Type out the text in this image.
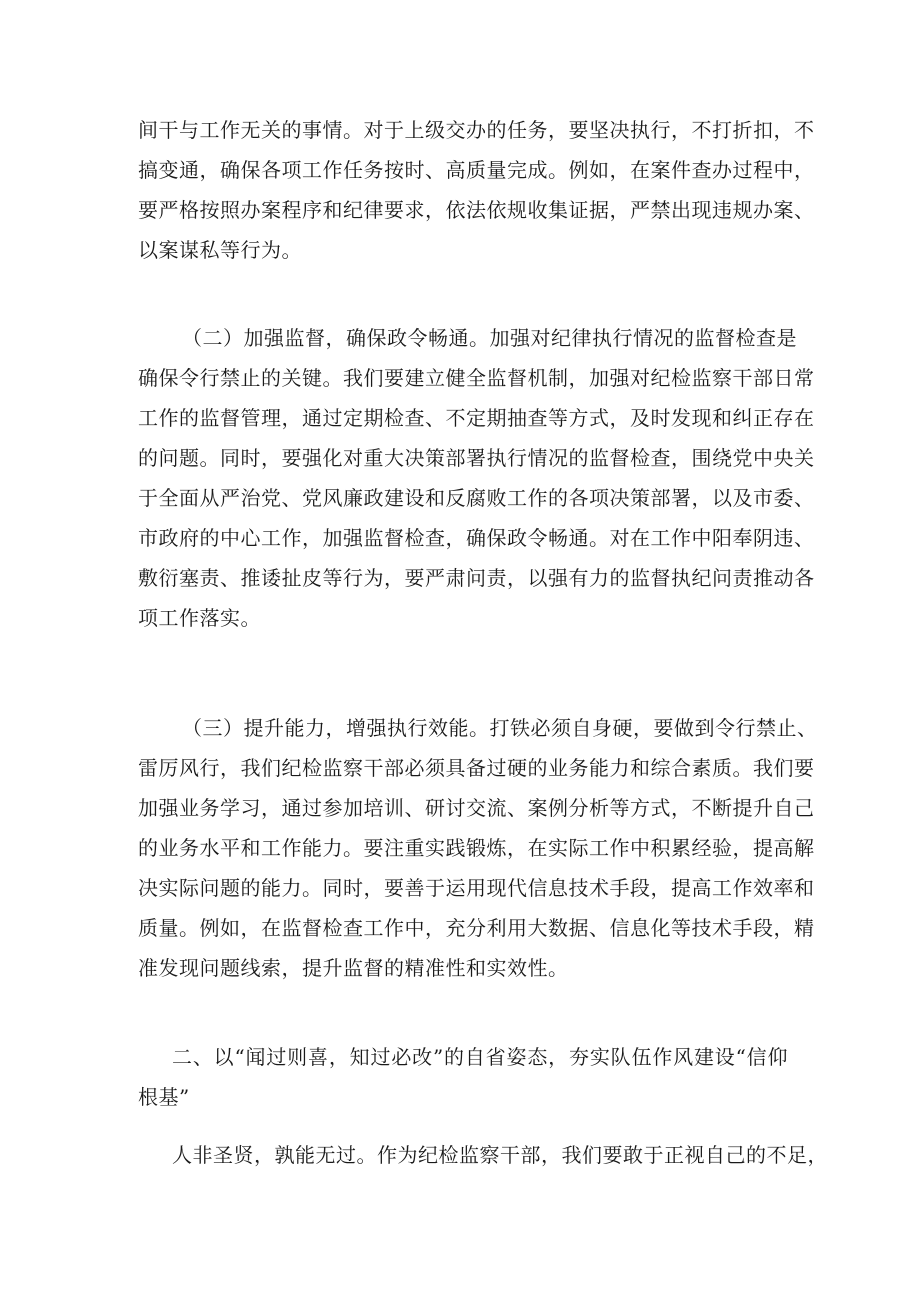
间干与工作无关的事情。对于上级交办的任务，要坚决执行，不打折扣，不
搞变通，确保各项工作任务按时、高质量完成。例如，在案件查办过程中，
要严格按照办案程序和纪律要求，依法依规收集证据，严禁出现违规办案、
以案谋私等行为。
（二）加强监督，确保政令畅通。加强对纪律执行情况的监督检查是
确保令行禁止的关键。我们要建立健全监督机制，加强对纪检监察干部日常
工作的监督管理，通过定期检查、不定期抽查等方式，及时发现和纠正存在
的问题。同时，要强化对重大决策部署执行情况的监督检查，围绕党中央关
于全面从严治党、党风廉政建设和反腐败工作的各项决策部署，以及市委、
市政府的中心工作，加强监督检查，确保政令畅通。对在工作中阳奉阴违、
敷衍塞责、推诿扯皮等行为，要严肃问责，以强有力的监督执纪问责推动各
项工作落实。
（三）提升能力，增强执行效能。打铁必须自身硬，要做到令行禁止、
雷厉风行，我们纪检监察干部必须具备过硬的业务能力和综合素质。我们要
加强业务学习，通过参加培训、研讨交流、案例分析等方式，不断提升自己
的业务水平和工作能力。要注重实践锻炼，在实际工作中积累经验，提高解
决实际问题的能力。同时，要善于运用现代信息技术手段，提高工作效率和
质量。例如，在监督检查工作中，充分利用大数据、信息化等技术手段，精
准发现问题线索，提升监督的精准性和实效性。
二、以“闻过则喜，知过必改”的自省姿态，夯实队伍作风建设“信仰
根基”
人非圣贤，孰能无过。作为纪检监察干部，我们要敢于正视自己的不足，
